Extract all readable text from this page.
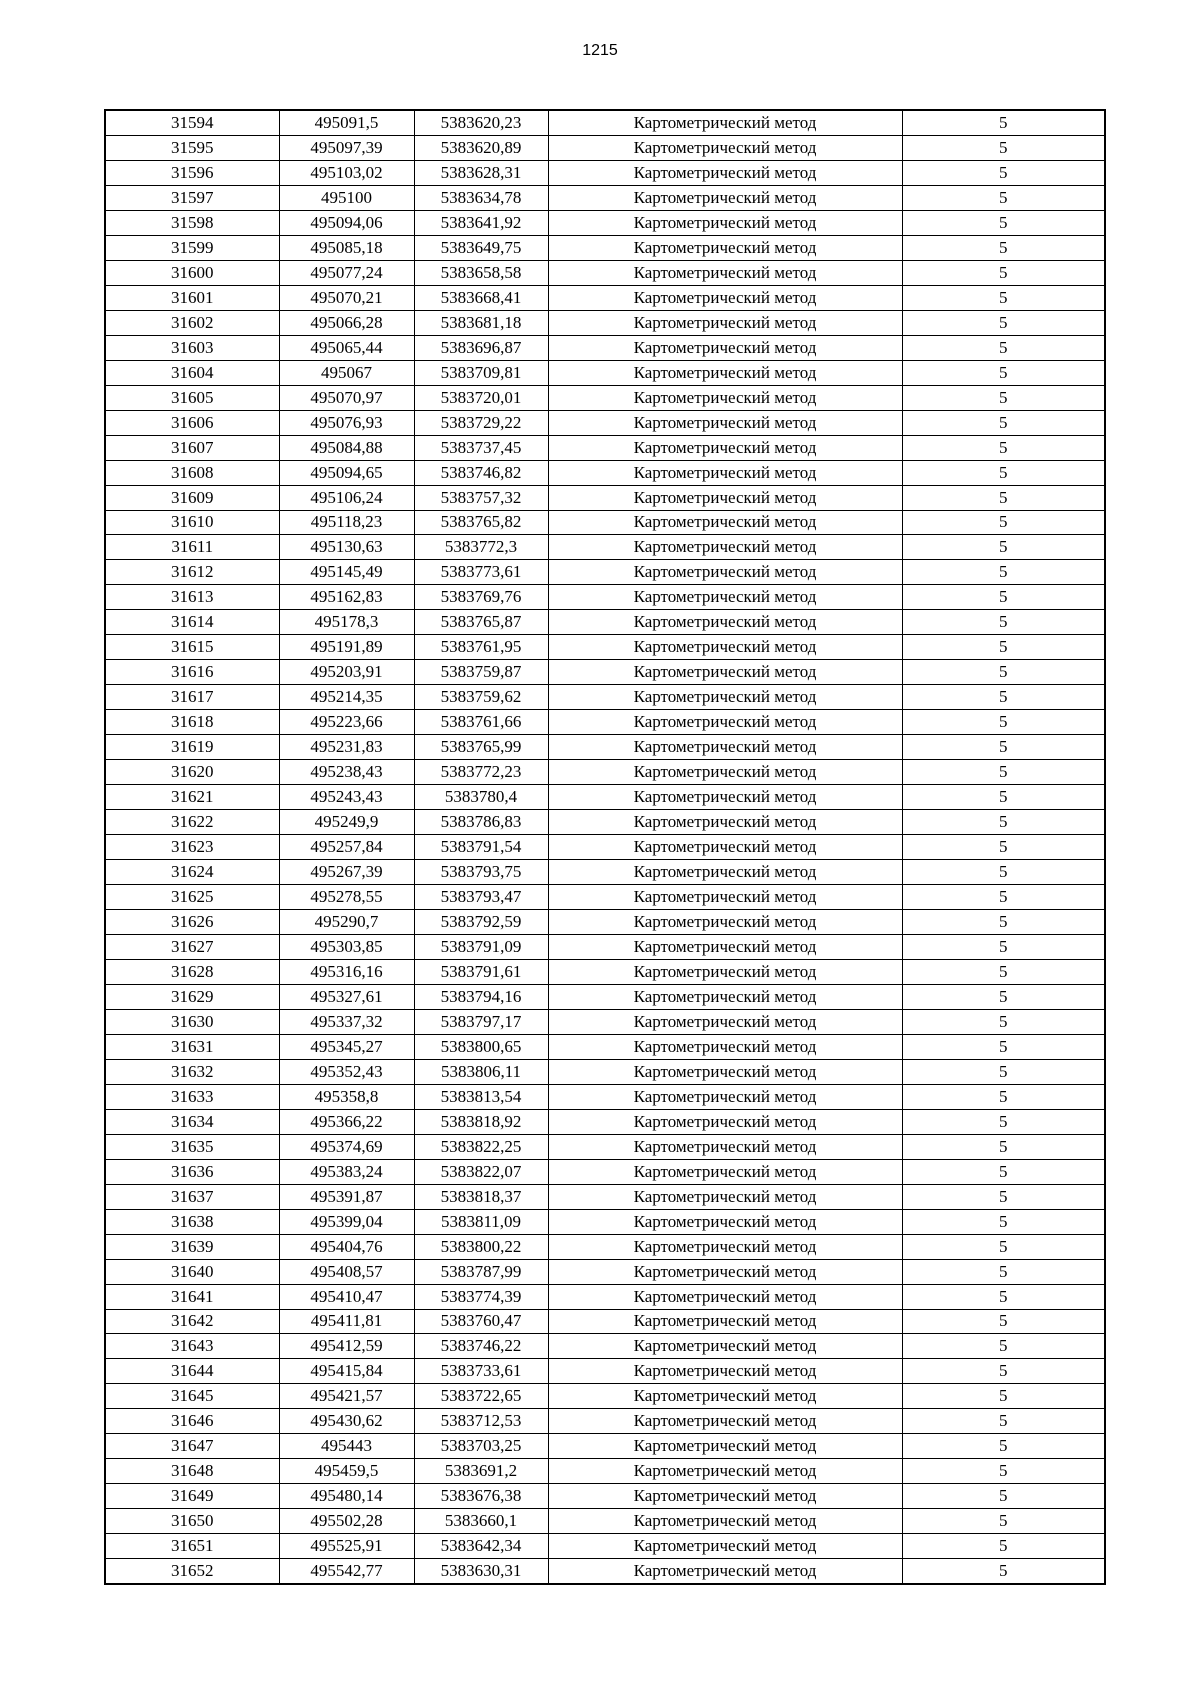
1215
31594	495091,5	5383620,23	Картометрический метод	5
31595	495097,39	5383620,89	Картометрический метод	5
31596	495103,02	5383628,31	Картометрический метод	5
31597	495100	5383634,78	Картометрический метод	5
31598	495094,06	5383641,92	Картометрический метод	5
31599	495085,18	5383649,75	Картометрический метод	5
31600	495077,24	5383658,58	Картометрический метод	5
31601	495070,21	5383668,41	Картометрический метод	5
31602	495066,28	5383681,18	Картометрический метод	5
31603	495065,44	5383696,87	Картометрический метод	5
31604	495067	5383709,81	Картометрический метод	5
31605	495070,97	5383720,01	Картометрический метод	5
31606	495076,93	5383729,22	Картометрический метод	5
31607	495084,88	5383737,45	Картометрический метод	5
31608	495094,65	5383746,82	Картометрический метод	5
31609	495106,24	5383757,32	Картометрический метод	5
31610	495118,23	5383765,82	Картометрический метод	5
31611	495130,63	5383772,3	Картометрический метод	5
31612	495145,49	5383773,61	Картометрический метод	5
31613	495162,83	5383769,76	Картометрический метод	5
31614	495178,3	5383765,87	Картометрический метод	5
31615	495191,89	5383761,95	Картометрический метод	5
31616	495203,91	5383759,87	Картометрический метод	5
31617	495214,35	5383759,62	Картометрический метод	5
31618	495223,66	5383761,66	Картометрический метод	5
31619	495231,83	5383765,99	Картометрический метод	5
31620	495238,43	5383772,23	Картометрический метод	5
31621	495243,43	5383780,4	Картометрический метод	5
31622	495249,9	5383786,83	Картометрический метод	5
31623	495257,84	5383791,54	Картометрический метод	5
31624	495267,39	5383793,75	Картометрический метод	5
31625	495278,55	5383793,47	Картометрический метод	5
31626	495290,7	5383792,59	Картометрический метод	5
31627	495303,85	5383791,09	Картометрический метод	5
31628	495316,16	5383791,61	Картометрический метод	5
31629	495327,61	5383794,16	Картометрический метод	5
31630	495337,32	5383797,17	Картометрический метод	5
31631	495345,27	5383800,65	Картометрический метод	5
31632	495352,43	5383806,11	Картометрический метод	5
31633	495358,8	5383813,54	Картометрический метод	5
31634	495366,22	5383818,92	Картометрический метод	5
31635	495374,69	5383822,25	Картометрический метод	5
31636	495383,24	5383822,07	Картометрический метод	5
31637	495391,87	5383818,37	Картометрический метод	5
31638	495399,04	5383811,09	Картометрический метод	5
31639	495404,76	5383800,22	Картометрический метод	5
31640	495408,57	5383787,99	Картометрический метод	5
31641	495410,47	5383774,39	Картометрический метод	5
31642	495411,81	5383760,47	Картометрический метод	5
31643	495412,59	5383746,22	Картометрический метод	5
31644	495415,84	5383733,61	Картометрический метод	5
31645	495421,57	5383722,65	Картометрический метод	5
31646	495430,62	5383712,53	Картометрический метод	5
31647	495443	5383703,25	Картометрический метод	5
31648	495459,5	5383691,2	Картометрический метод	5
31649	495480,14	5383676,38	Картометрический метод	5
31650	495502,28	5383660,1	Картометрический метод	5
31651	495525,91	5383642,34	Картометрический метод	5
31652	495542,77	5383630,31	Картометрический метод	5
